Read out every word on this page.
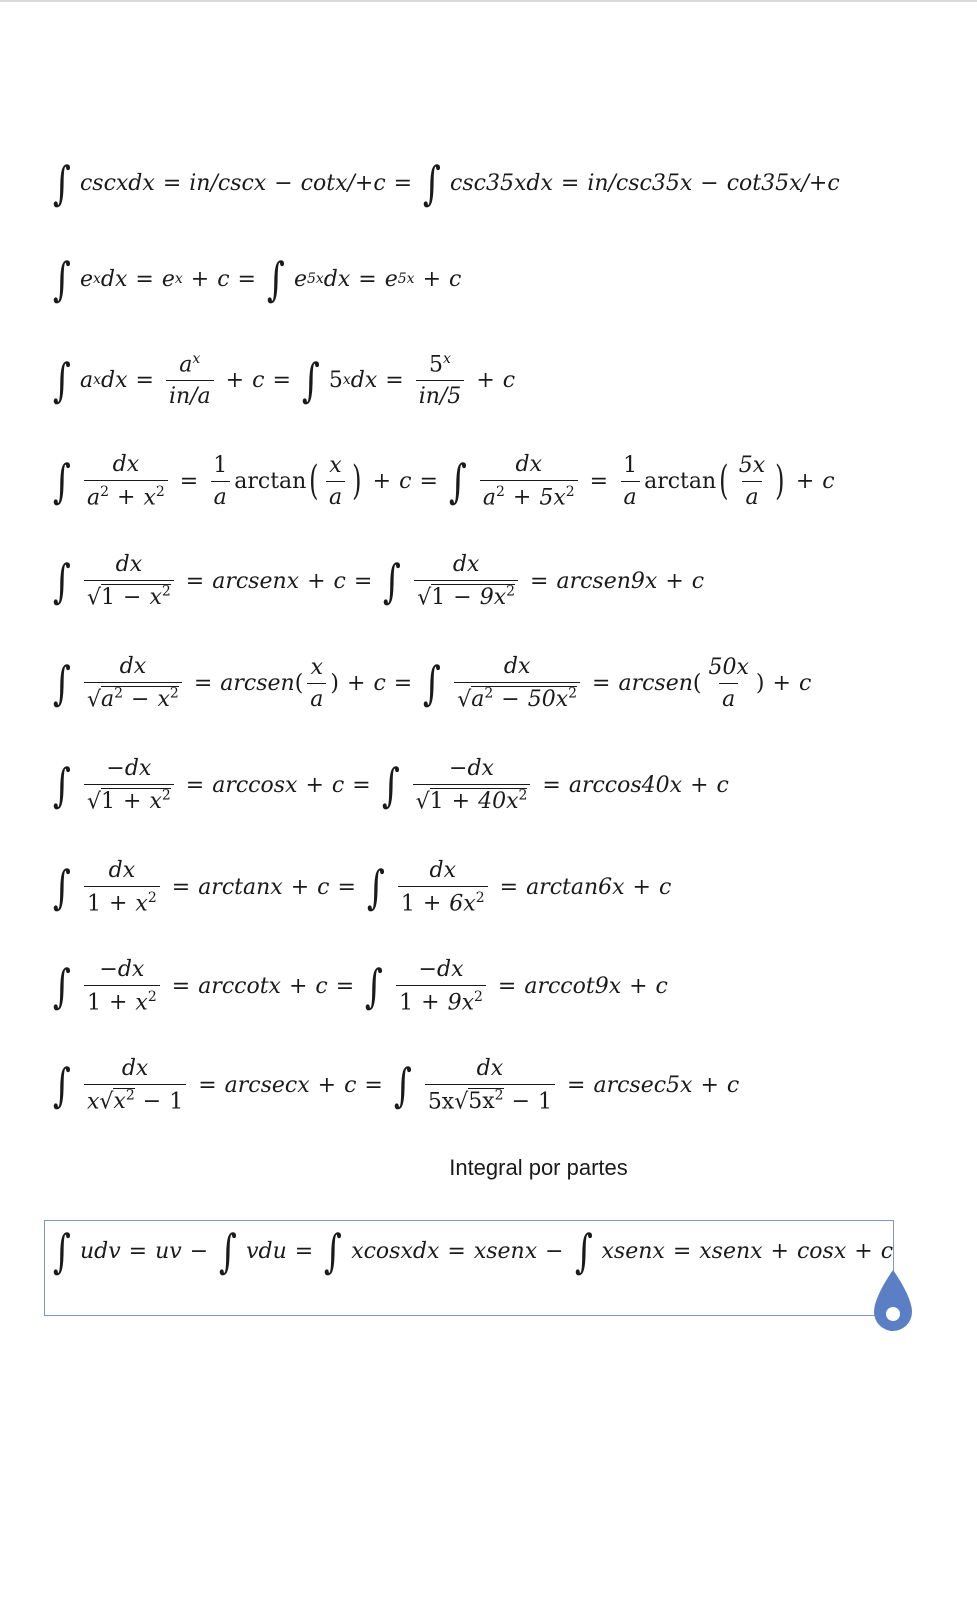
∫ cscxdx = in/cscx − cotx/+c = ∫ csc35xdx = in/csc35x − cot35x/+c
∫ e x dx = e x + c = ∫ e 5x dx = e 5x + c
∫ a x dx = $\frac{a^x}{in/a} + c$ = ∫ 5 x dx = $\frac{5^x}{in/5} + c$
∫ $\frac{dx}{a^2 + x^2} = \frac{1}{a}$ arctan ( $\frac{x}{a}$ ) + c = ∫ $\frac{dx}{a^2 + 5x^2} = \frac{1}{a}$ arctan ( $\frac{5x}{a}$ ) + c
∫ $\frac{dx}{√1 - x^2}$ = arcsenx + c = ∫ $\frac{dx}{√1 - 9x^2}$ = arcsen9x + c
∫ $\frac{dx}{√a^2 - x^2}$ = arcsen ( $\frac{x}{a}$ ) + c = ∫ $\frac{dx}{√a^2 - 50x^2}$ = arcsen ( $\frac{50x}{a}$ ) + c
∫ $\frac{-dx}{√1 + x^2} = \arccos x + c$ = ∫ $\frac{-dx}{√1 + 40x^2} = \arccos 40x + c$
∫ $\frac{dx}{1 + x^2} = \arctan x + c$ = ∫ $\frac{dx}{1 + 6x^2} = \arctan 6x + c$
∫ $\frac{-dx}{1 + x^2} = arccotx + c$ = ∫ $\frac{-dx}{1 + 9x^2} = arccot9x + c$
∫ $\frac{dx}{x√x^2 - 1} = arcsecx + c$ = ∫ $\frac{dx}{5x√5x^2 - 1} = arcsec5x + c$
Integral por partes
∫ udv = uv − ∫ vdu = ∫ xcosxdx = xsenx − ∫ xsenx = xsenx + cosx + c
